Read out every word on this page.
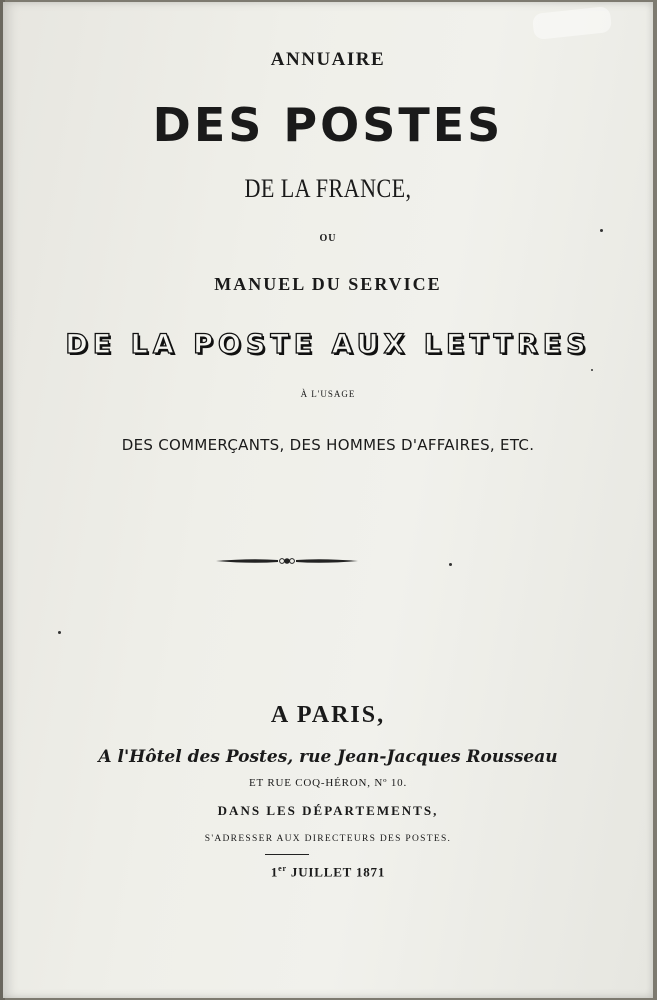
ANNUAIRE
DES POSTES
DE LA FRANCE,
OU
MANUEL DU SERVICE
DE LA POSTE AUX LETTRES
À L'USAGE
DES COMMERÇANTS, DES HOMMES D'AFFAIRES, ETC.
A PARIS,
A l'Hôtel des Postes, rue Jean-Jacques Rousseau
ET RUE COQ-HÉRON, Nº 10.
DANS LES DÉPARTEMENTS,
S'ADRESSER AUX DIRECTEURS DES POSTES.
1er JUILLET 1871
